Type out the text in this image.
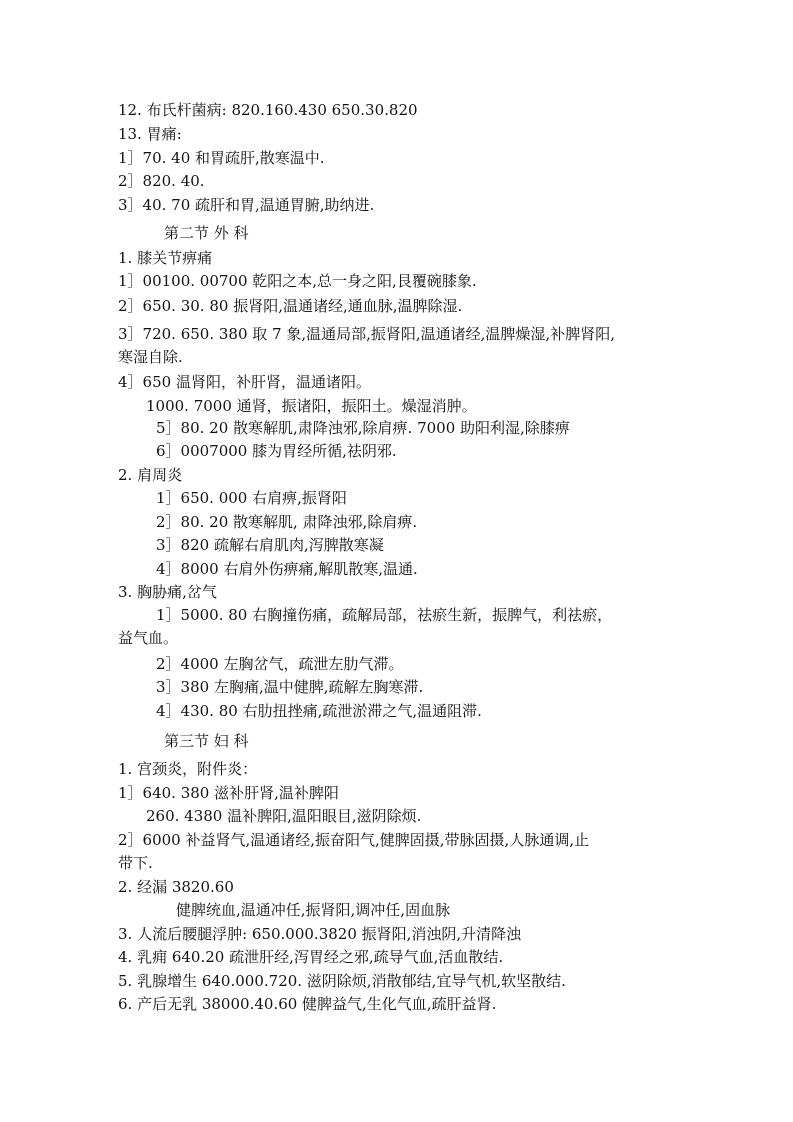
12. 布氏杆菌病: 820.160.430 650.30.820
13. 胃痛:
1］70. 40 和胃疏肝,散寒温中.
2］820. 40.
3］40. 70 疏肝和胃,温通胃腑,助纳进.
第二节 外 科
1. 膝关节痹痛
1］00100. 00700 乾阳之本,总一身之阳,艮覆碗膝象.
2］650. 30. 80 振肾阳,温通诸经,通血脉,温脾除湿.
3］720. 650. 380 取 7 象,温通局部,振肾阳,温通诸经,温脾燥湿,补脾肾阳,
寒湿自除.
4］650 温肾阳，补肝肾，温通诸阳。
1000. 7000 通肾，振诸阳，振阳土。燥湿消肿。
5］80. 20 散寒解肌,肃降浊邪,除肩痹. 7000 助阳利湿,除膝痹
6］0007000 膝为胃经所循,祛阴邪.
2. 肩周炎
1］650. 000 右肩痹,振肾阳
2］80. 20 散寒解肌, 肃降浊邪,除肩痹.
3］820 疏解右肩肌肉,泻脾散寒凝
4］8000 右肩外伤痹痛,解肌散寒,温通.
3. 胸胁痛,岔气
1］5000. 80 右胸撞伤痛，疏解局部，祛瘀生新，振脾气，利祛瘀，
益气血。
2］4000 左胸岔气，疏泄左肋气滞。
3］380 左胸痛,温中健脾,疏解左胸寒滞.
4］430. 80 右肋扭挫痛,疏泄淤滞之气,温通阻滞.
第三节 妇 科
1. 宫颈炎，附件炎：
1］640. 380 滋补肝肾,温补脾阳
260. 4380 温补脾阳,温阳眼目,滋阴除烦.
2］6000 补益肾气,温通诸经,振奋阳气,健脾固摄,带脉固摄,人脉通调,止
带下.
2. 经漏 3820.60
健脾统血,温通冲任,振肾阳,调冲任,固血脉
3. 人流后腰腿浮肿: 650.000.3820 振肾阳,消浊阴,升清降浊
4. 乳痈 640.20 疏泄肝经,泻胃经之邪,疏导气血,活血散结.
5. 乳腺增生 640.000.720. 滋阴除烦,消散郁结,宜导气机,软坚散结.
6. 产后无乳 38000.40.60 健脾益气,生化气血,疏肝益肾.
